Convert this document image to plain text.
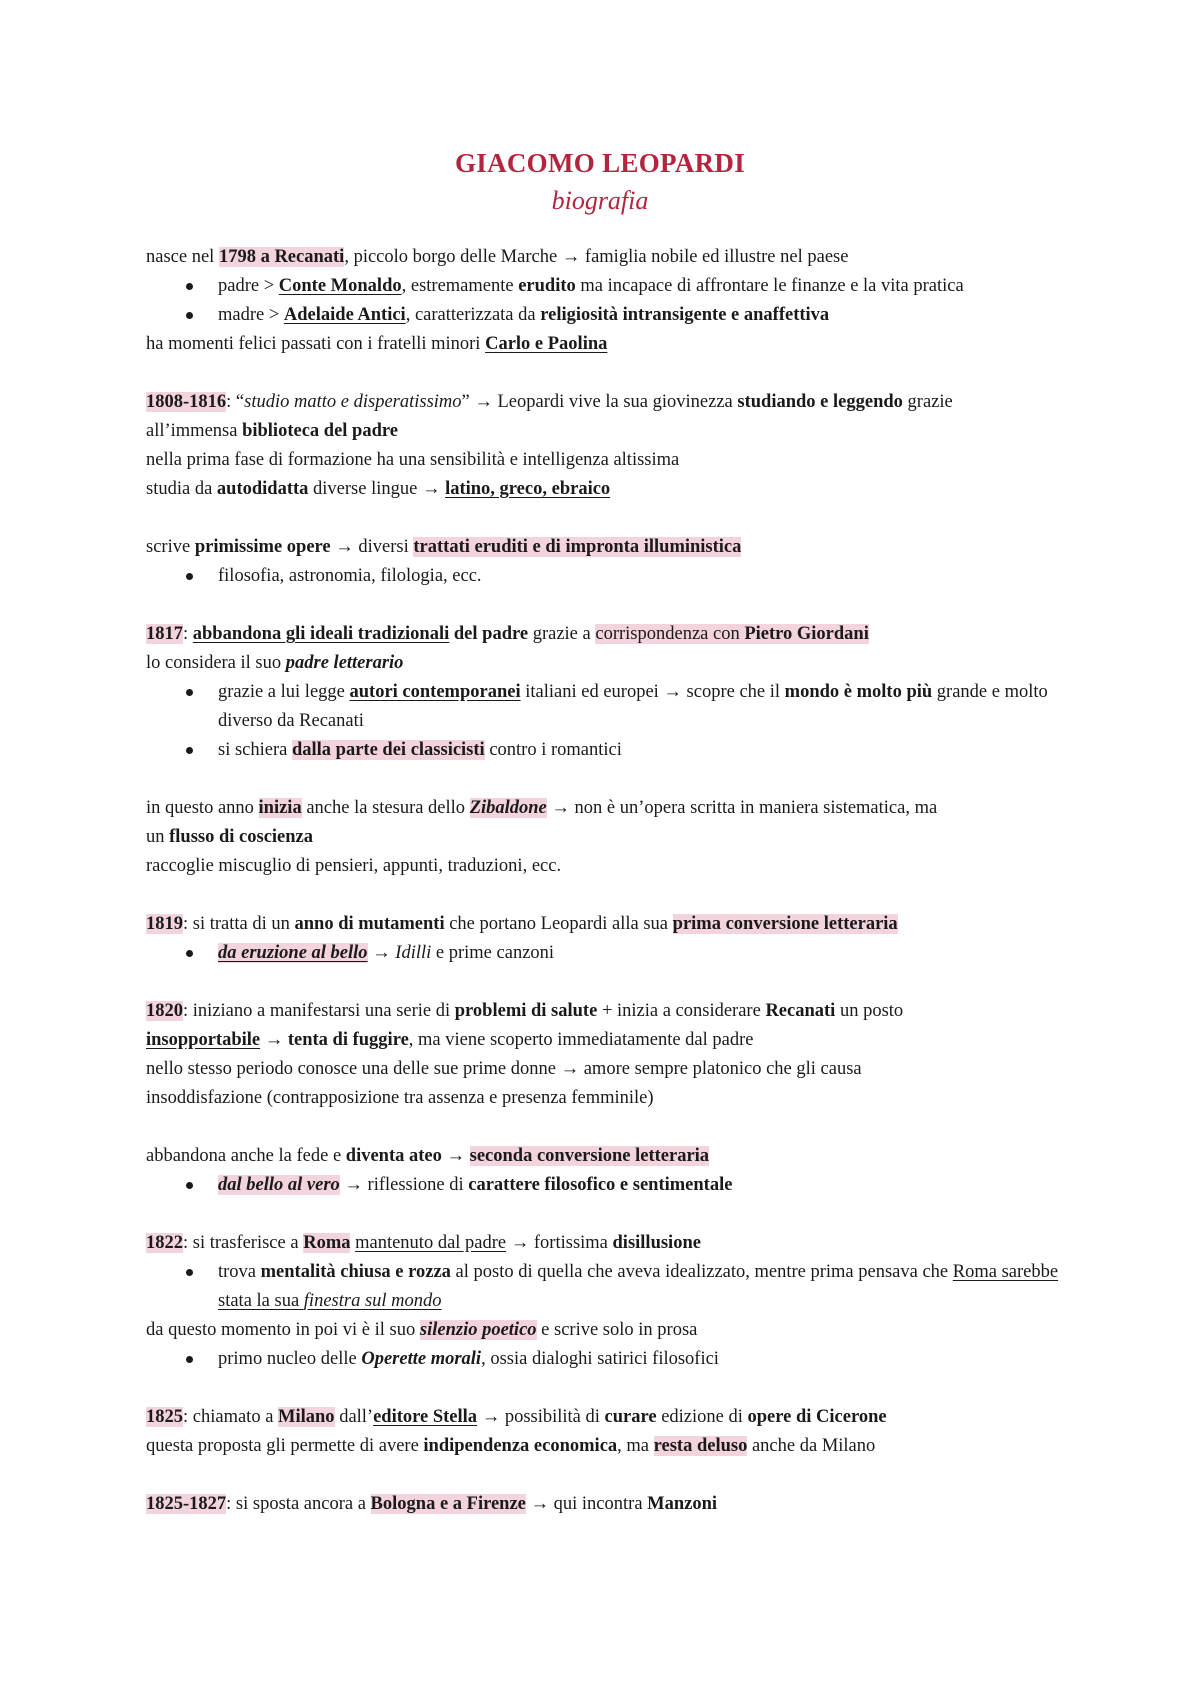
GIACOMO LEOPARDI
biografia
nasce nel 1798 a Recanati, piccolo borgo delle Marche → famiglia nobile ed illustre nel paese
padre > Conte Monaldo, estremamente erudito ma incapace di affrontare le finanze e la vita pratica
madre > Adelaide Antici, caratterizzata da religiosità intransigente e anaffettiva
ha momenti felici passati con i fratelli minori Carlo e Paolina
1808-1816: “studio matto e disperatissimo” → Leopardi vive la sua giovinezza studiando e leggendo grazie
all’immensa biblioteca del padre
nella prima fase di formazione ha una sensibilità e intelligenza altissima
studia da autodidatta diverse lingue → latino, greco, ebraico
scrive primissime opere → diversi trattati eruditi e di impronta illuministica
filosofia, astronomia, filologia, ecc.
1817: abbandona gli ideali tradizionali del padre grazie a corrispondenza con Pietro Giordani
lo considera il suo padre letterario
grazie a lui legge autori contemporanei italiani ed europei → scopre che il mondo è molto più grande e molto diverso da Recanati
si schiera dalla parte dei classicisti contro i romantici
in questo anno inizia anche la stesura dello Zibaldone → non è un’opera scritta in maniera sistematica, ma
un flusso di coscienza
raccoglie miscuglio di pensieri, appunti, traduzioni, ecc.
1819: si tratta di un anno di mutamenti che portano Leopardi alla sua prima conversione letteraria
da eruzione al bello → Idilli e prime canzoni
1820: iniziano a manifestarsi una serie di problemi di salute + inizia a considerare Recanati un posto
insopportabile → tenta di fuggire, ma viene scoperto immediatamente dal padre
nello stesso periodo conosce una delle sue prime donne → amore sempre platonico che gli causa
insoddisfazione (contrapposizione tra assenza e presenza femminile)
abbandona anche la fede e diventa ateo → seconda conversione letteraria
dal bello al vero → riflessione di carattere filosofico e sentimentale
1822: si trasferisce a Roma mantenuto dal padre → fortissima disillusione
trova mentalità chiusa e rozza al posto di quella che aveva idealizzato, mentre prima pensava che Roma sarebbe stata la sua finestra sul mondo
da questo momento in poi vi è il suo silenzio poetico e scrive solo in prosa
primo nucleo delle Operette morali, ossia dialoghi satirici filosofici
1825: chiamato a Milano dall’editore Stella → possibilità di curare edizione di opere di Cicerone
questa proposta gli permette di avere indipendenza economica, ma resta deluso anche da Milano
1825-1827: si sposta ancora a Bologna e a Firenze → qui incontra Manzoni
